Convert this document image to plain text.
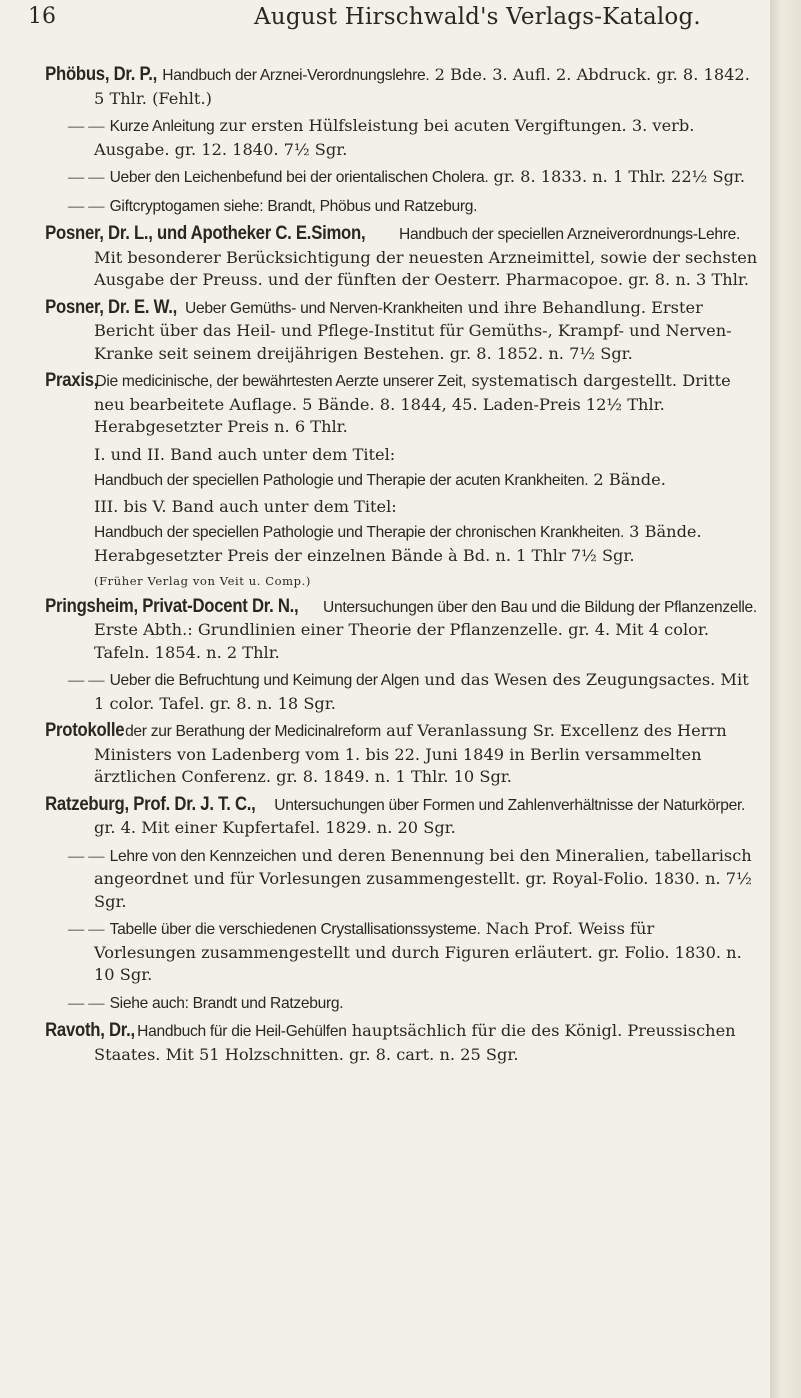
16	August Hirschwald's Verlags-Katalog.

Phöbus, Dr. P., Handbuch der Arznei-Verordnungslehre. 2 Bde. 3. Aufl. 2. Abdruck. gr. 8. 1842. 5 Thlr. (Fehlt.)

— — Kurze Anleitung zur ersten Hülfsleistung bei acuten Vergiftungen. 3. verb. Ausgabe. gr. 12. 1840. 7½ Sgr.

— — Ueber den Leichenbefund bei der orientalischen Cholera. gr. 8. 1833. n. 1 Thlr. 22½ Sgr.

— — Giftcryptogamen siehe: Brandt, Phöbus und Ratzeburg.

Posner, Dr. L., und Apotheker C. E.Simon, Handbuch der speciellen Arzneiverordnungs-Lehre. Mit besonderer Berücksichtigung der neuesten Arzneimittel, sowie der sechsten Ausgabe der Preuss. und der fünften der Oesterr. Pharmacopoe. gr. 8. n. 3 Thlr.

Posner, Dr. E. W., Ueber Gemüths- und Nerven-Krankheiten und ihre Behandlung. Erster Bericht über das Heil- und Pflege-Institut für Gemüths-, Krampf- und Nerven-Kranke seit seinem dreijährigen Bestehen. gr. 8. 1852. n. 7½ Sgr.

Praxis, Die medicinische, der bewährtesten Aerzte unserer Zeit, systematisch dargestellt. Dritte neu bearbeitete Auflage. 5 Bände. 8. 1844, 45. Laden-Preis 12½ Thlr. Herabgesetzter Preis n. 6 Thlr.

I. und II. Band auch unter dem Titel:

Handbuch der speciellen Pathologie und Therapie der acuten Krankheiten. 2 Bände.

III. bis V. Band auch unter dem Titel:

Handbuch der speciellen Pathologie und Therapie der chronischen Krankheiten. 3 Bände. Herabgesetzter Preis der einzelnen Bände à Bd. n. 1 Thlr 7½ Sgr.

(Früher Verlag von Veit u. Comp.)

Pringsheim, Privat-Docent Dr. N., Untersuchungen über den Bau und die Bildung der Pflanzenzelle. Erste Abth.: Grundlinien einer Theorie der Pflanzenzelle. gr. 4. Mit 4 color. Tafeln. 1854. n. 2 Thlr.

— — Ueber die Befruchtung und Keimung der Algen und das Wesen des Zeugungsactes. Mit 1 color. Tafel. gr. 8. n. 18 Sgr.

Protokolle der zur Berathung der Medicinalreform auf Veranlassung Sr. Excellenz des Herrn Ministers von Ladenberg vom 1. bis 22. Juni 1849 in Berlin versammelten ärztlichen Conferenz. gr. 8. 1849. n. 1 Thlr. 10 Sgr.

Ratzeburg, Prof. Dr. J. T. C., Untersuchungen über Formen und Zahlenverhältnisse der Naturkörper. gr. 4. Mit einer Kupfertafel. 1829. n. 20 Sgr.

— — Lehre von den Kennzeichen und deren Benennung bei den Mineralien, tabellarisch angeordnet und für Vorlesungen zusammengestellt. gr. Royal-Folio. 1830. n. 7½ Sgr.

— — Tabelle über die verschiedenen Crystallisationssysteme. Nach Prof. Weiss für Vorlesungen zusammengestellt und durch Figuren erläutert. gr. Folio. 1830. n. 10 Sgr.

— — Siehe auch: Brandt und Ratzeburg.

Ravoth, Dr., Handbuch für die Heil-Gehülfen hauptsächlich für die des Königl. Preussischen Staates. Mit 51 Holzschnitten. gr. 8. cart. n. 25 Sgr.
